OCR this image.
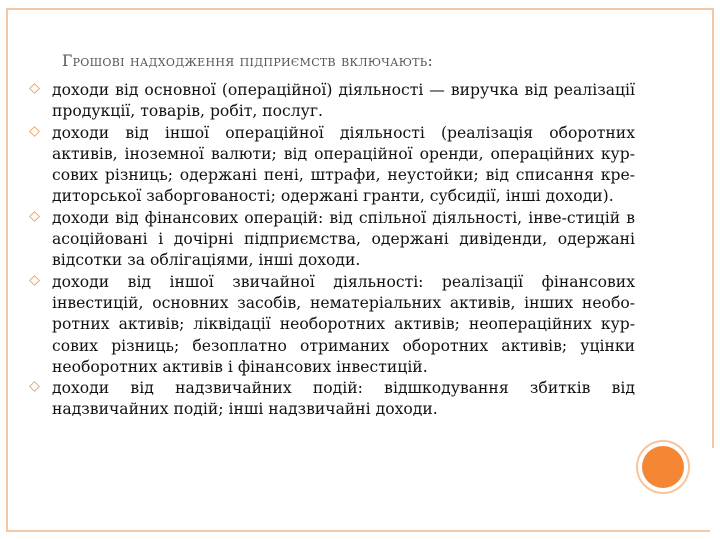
Грошові надходження підприємств включають:

доходи від основної (операційної) діяльності — виручка від реалізації продукції, товарів, робіт, послуг.

доходи від іншої операційної діяльності (реалізація оборотних активів, іноземної валюти; від операційної оренди, операційних кур-сових різниць; одержані пені, штрафи, неустойки; від списання кре-диторської заборгованості; одержані гранти, субсидії, інші доходи).

доходи від фінансових операцій: від спільної діяльності, інве-стицій в асоційовані і дочірні підприємства, одержані дивіденди, одержані відсотки за облігаціями, інші доходи.

доходи від іншої звичайної діяльності: реалізації фінансових інвестицій, основних засобів, нематеріальних активів, інших необо-ротних активів; ліквідації необоротних активів; неопераційних кур-сових різниць; безоплатно отриманих оборотних активів; уцінки необоротних активів і фінансових інвестицій.

доходи від надзвичайних подій: відшкодування збитків від надзвичайних подій; інші надзвичайні доходи.
